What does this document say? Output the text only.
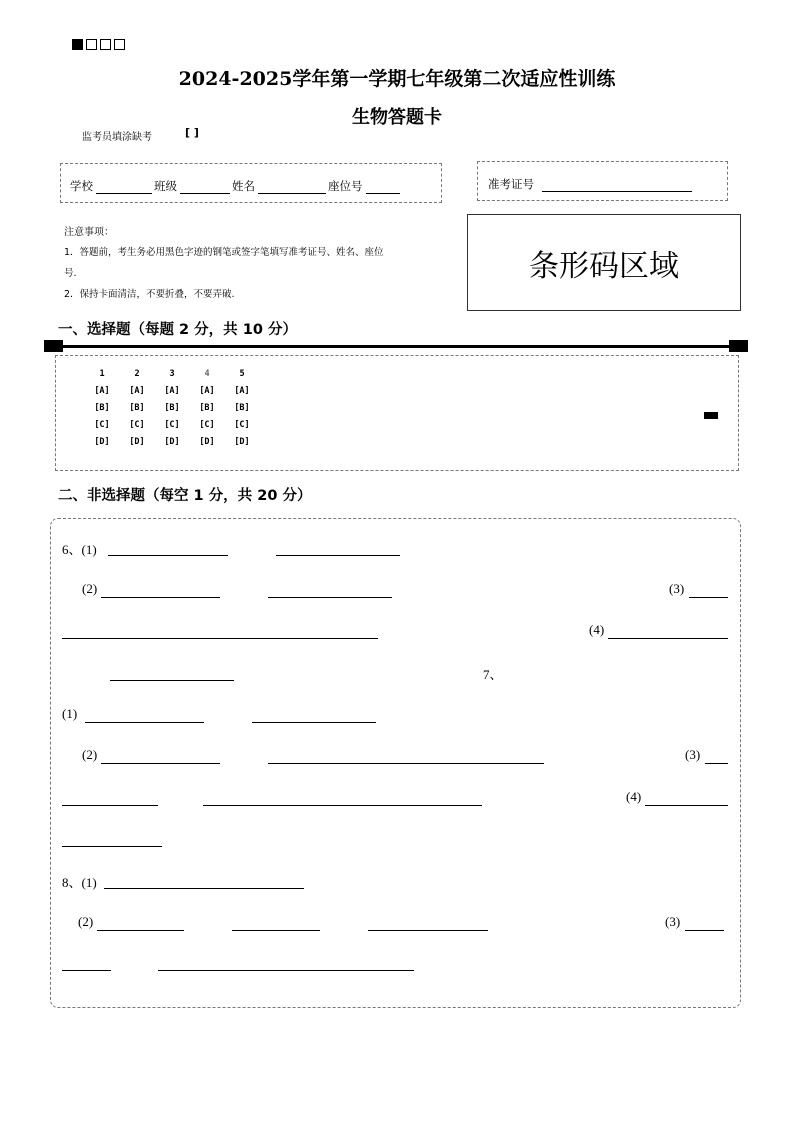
2024-2025学年第一学期七年级第二次适应性训练
生物答题卡
监考员填涂缺考	[ ]
学校	班级	姓名	座位号	准考证号
注意事项：
1．答题前，考生务必用黑色字迹的钢笔或签字笔填写准考证号、姓名、座位
号.
2．保持卡面清洁，不要折叠，不要弄破.
条形码区域
一、选择题（每题 2 分，共 10 分）
1	2	3	4	5
[A]	[A]	[A]	[A]	[A]
[B]	[B]	[B]	[B]	[B]
[C]	[C]	[C]	[C]	[C]
[D]	[D]	[D]	[D]	[D]
二、非选择题（每空 1 分，共 20 分）
6、(1)
(2)	(3)
(4)
7、
(1)
(2)	(3)
(4)
8、(1)
(2)	(3)
